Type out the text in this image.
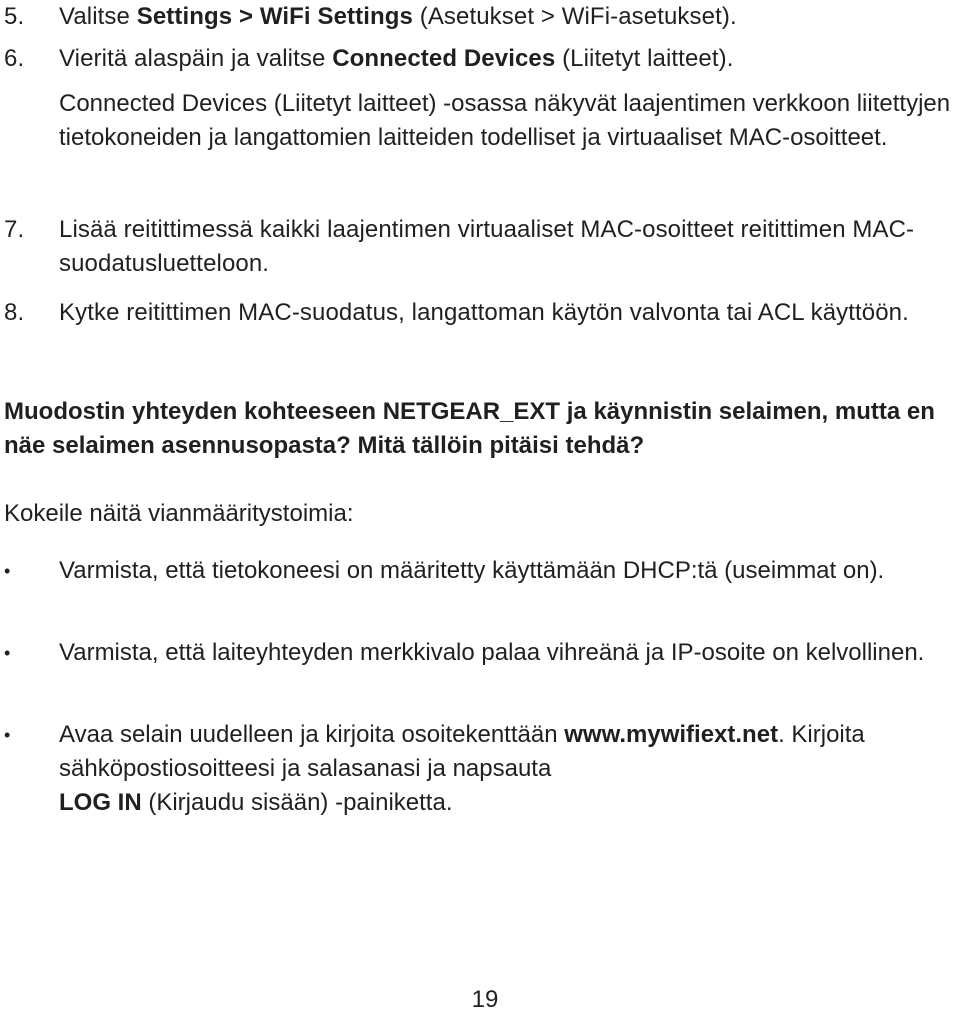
5. Valitse Settings > WiFi Settings (Asetukset > WiFi-asetukset).
6. Vieritä alaspäin ja valitse Connected Devices (Liitetyt laitteet).
Connected Devices (Liitetyt laitteet) -osassa näkyvät laajentimen verkkoon liitettyjen tietokoneiden ja langattomien laitteiden todelliset ja virtuaaliset MAC-osoitteet.
7. Lisää reitittimessä kaikki laajentimen virtuaaliset MAC-osoitteet reitittimen MAC-suodatusluetteloon.
8. Kytke reitittimen MAC-suodatus, langattoman käytön valvonta tai ACL käyttöön.
Muodostin yhteyden kohteeseen NETGEAR_EXT ja käynnistin selaimen, mutta en näe selaimen asennusopasta? Mitä tällöin pitäisi tehdä?
Kokeile näitä vianmääritystoimia:
• Varmista, että tietokoneesi on määritetty käyttämään DHCP:tä (useimmat on).
• Varmista, että laiteyhteyden merkkivalo palaa vihreänä ja IP-osoite on kelvollinen.
• Avaa selain uudelleen ja kirjoita osoitekenttään www.mywifiext.net. Kirjoita sähköpostiosoitteesi ja salasanasi ja napsauta
LOG IN (Kirjaudu sisään) -painiketta.
19
